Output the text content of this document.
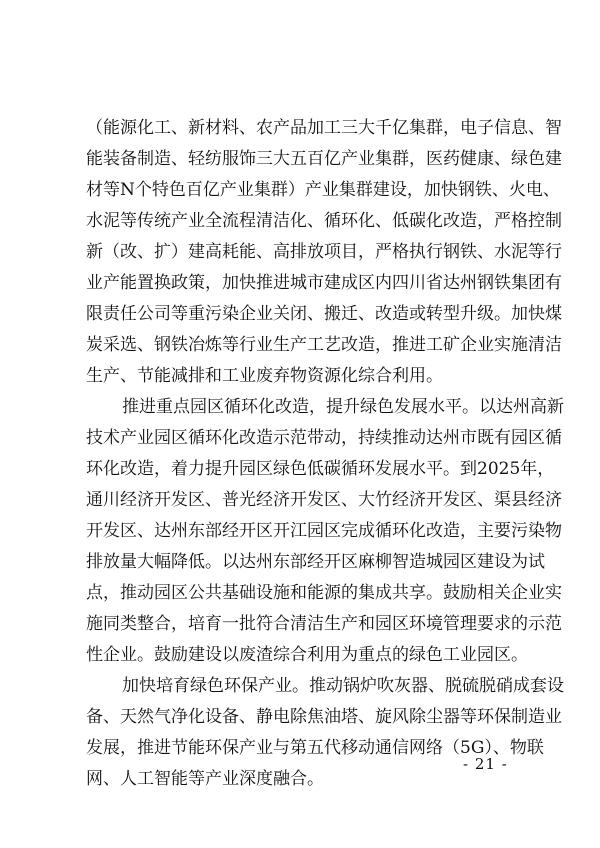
（能源化工、新材料、农产品加工三大千亿集群，电子信息、智
能装备制造、轻纺服饰三大五百亿产业集群，医药健康、绿色建
材等N个特色百亿产业集群）产业集群建设，加快钢铁、火电、
水泥等传统产业全流程清洁化、循环化、低碳化改造，严格控制
新（改、扩）建高耗能、高排放项目，严格执行钢铁、水泥等行
业产能置换政策，加快推进城市建成区内四川省达州钢铁集团有
限责任公司等重污染企业关闭、搬迁、改造或转型升级。加快煤
炭采选、钢铁冶炼等行业生产工艺改造，推进工矿企业实施清洁
生产、节能减排和工业废弃物资源化综合利用。
推进重点园区循环化改造，提升绿色发展水平。以达州高新
技术产业园区循环化改造示范带动，持续推动达州市既有园区循
环化改造，着力提升园区绿色低碳循环发展水平。到2025年，
通川经济开发区、普光经济开发区、大竹经济开发区、渠县经济
开发区、达州东部经开区开江园区完成循环化改造，主要污染物
排放量大幅降低。以达州东部经开区麻柳智造城园区建设为试
点，推动园区公共基础设施和能源的集成共享。鼓励相关企业实
施同类整合，培育一批符合清洁生产和园区环境管理要求的示范
性企业。鼓励建设以废渣综合利用为重点的绿色工业园区。
加快培育绿色环保产业。推动锅炉吹灰器、脱硫脱硝成套设
备、天然气净化设备、静电除焦油塔、旋风除尘器等环保制造业
发展，推进节能环保产业与第五代移动通信网络（5G）、物联
网、人工智能等产业深度融合。
- 21 -
